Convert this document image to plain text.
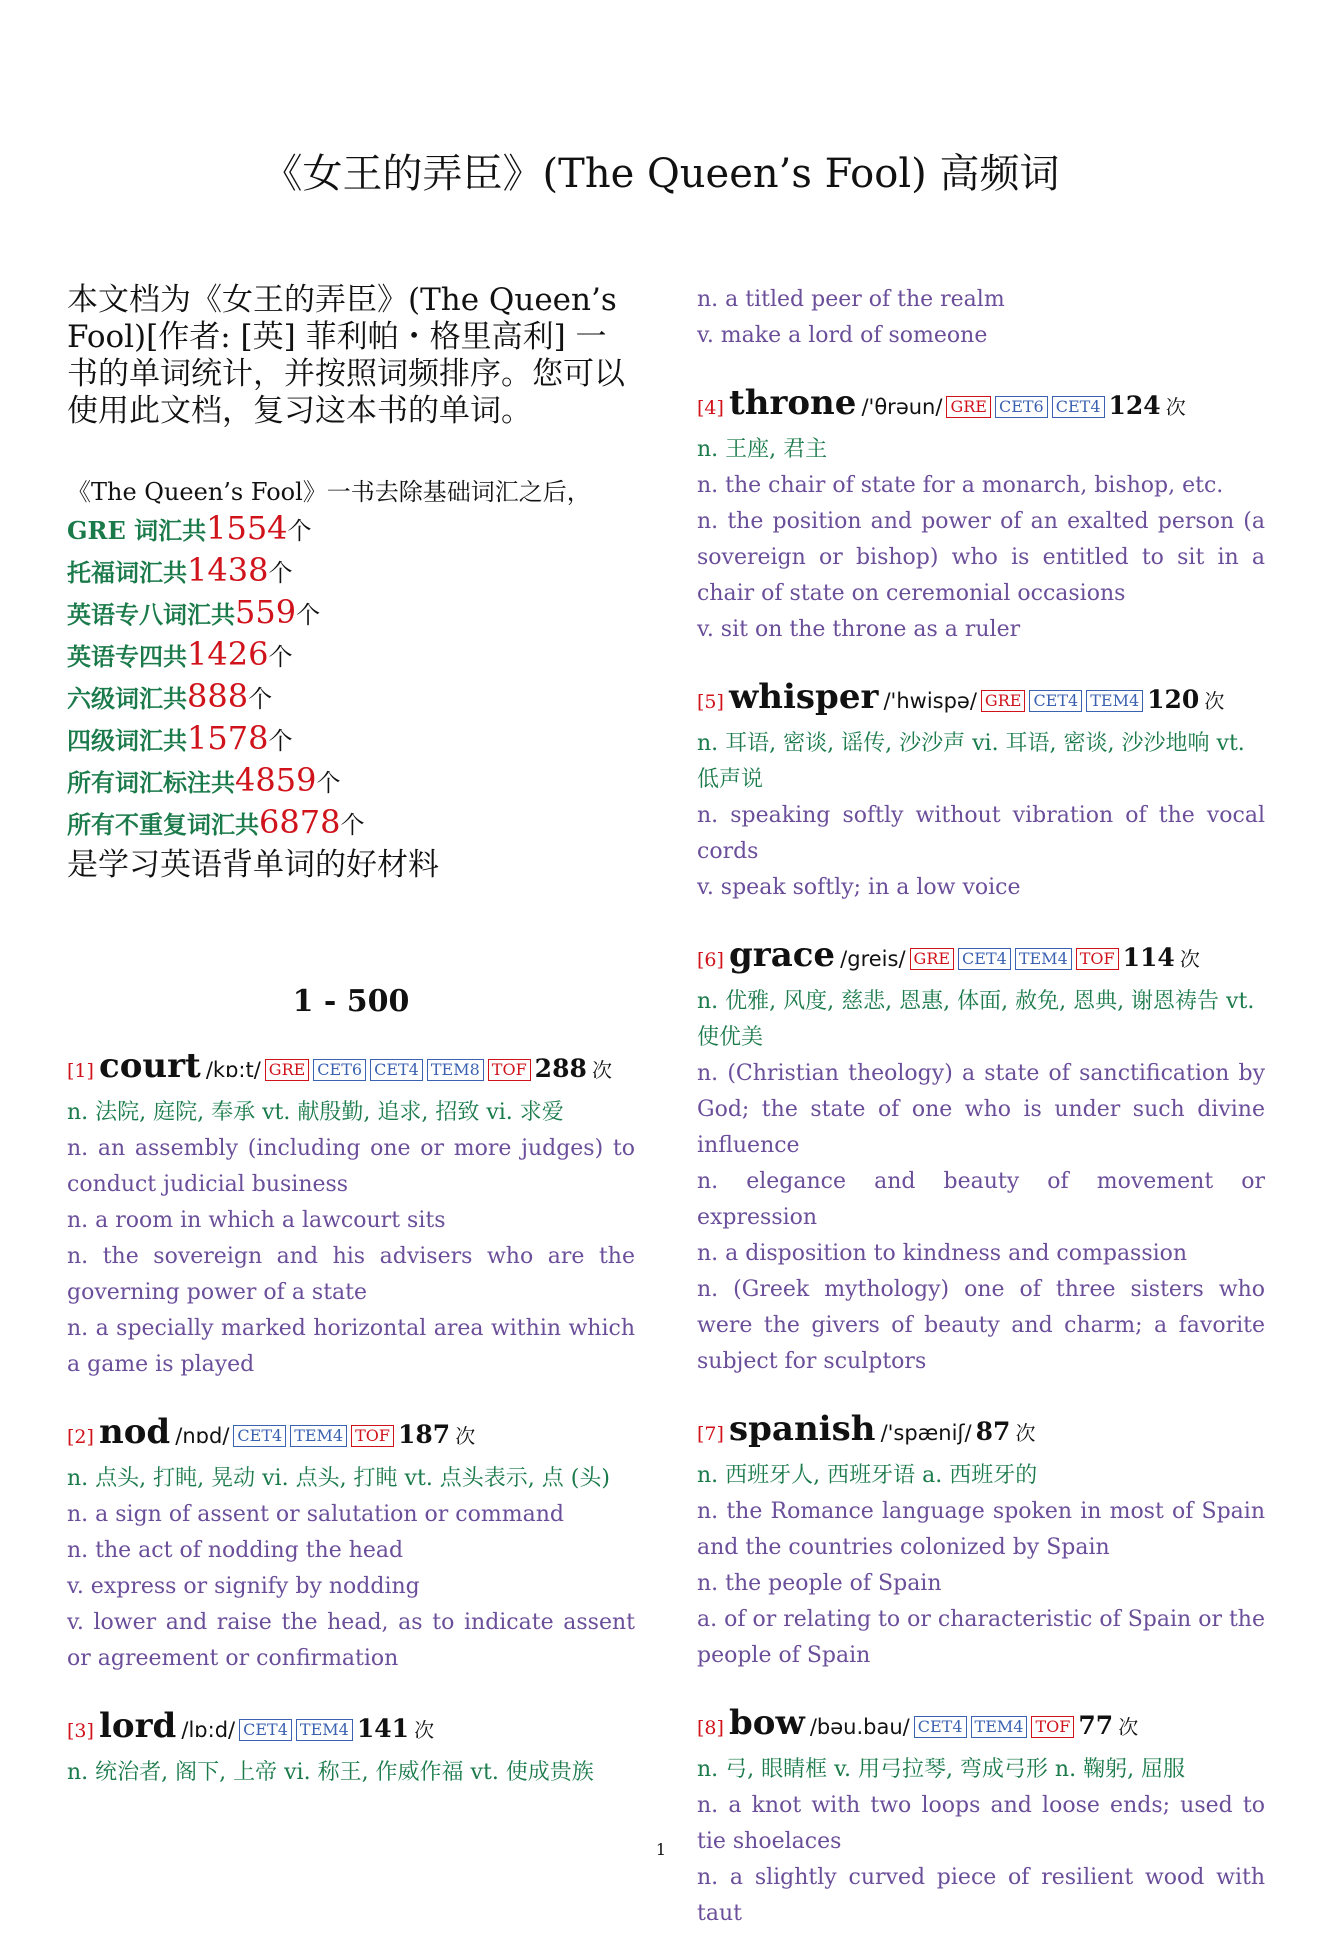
《女王的弄臣》(The Queen’s Fool) 高频词
本文档为《女王的弄臣》(The Queen’s Fool)[作者: [英] 菲利帕・格里高利] 一书的单词统计，并按照词频排序。您可以使用此文档，复习这本书的单词。
《The Queen’s Fool》一书去除基础词汇之后，
GRE 词汇共1554个
托福词汇共1438个
英语专八词汇共559个
英语专四共1426个
六级词汇共888个
四级词汇共1578个
所有词汇标注共4859个
所有不重复词汇共6878个
是学习英语背单词的好材料
1 - 500
[1] court /kɒ:t/ GRE CET6 CET4 TEM8 TOF 288 次

n. 法院, 庭院, 奉承 vt. 献殷勤, 追求, 招致 vi. 求爱

n. an assembly (including one or more judges) to conduct judicial business

n. a room in which a lawcourt sits

n. the sovereign and his advisers who are the governing power of a state

n. a specially marked horizontal area within which a game is played

[2] nod /nɒd/ CET4 TEM4 TOF 187 次

n. 点头, 打盹, 晃动 vi. 点头, 打盹 vt. 点头表示, 点 (头)

n. a sign of assent or salutation or command

n. the act of nodding the head

v. express or signify by nodding

v. lower and raise the head, as to indicate assent or agreement or confirmation

[3] lord /lɒ:d/ CET4 TEM4 141 次

n. 统治者, 阁下, 上帝 vi. 称王, 作威作福 vt. 使成贵族

n. a titled peer of the realm

v. make a lord of someone

[4] throne /'θrəun/ GRE CET6 CET4 124 次

n. 王座, 君主

n. the chair of state for a monarch, bishop, etc.

n. the position and power of an exalted person (a sovereign or bishop) who is entitled to sit in a chair of state on ceremonial occasions

v. sit on the throne as a ruler

[5] whisper /'hwispə/ GRE CET4 TEM4 120 次

n. 耳语, 密谈, 谣传, 沙沙声 vi. 耳语, 密谈, 沙沙地响 vt. 低声说

n. speaking softly without vibration of the vocal cords

v. speak softly; in a low voice

[6] grace /greis/ GRE CET4 TEM4 TOF 114 次

n. 优雅, 风度, 慈悲, 恩惠, 体面, 赦免, 恩典, 谢恩祷告 vt. 使优美

n. (Christian theology) a state of sanctification by God; the state of one who is under such divine influence

n. elegance and beauty of movement or expression

n. a disposition to kindness and compassion

n. (Greek mythology) one of three sisters who were the givers of beauty and charm; a favorite subject for sculptors

[7] spanish /'spæniʃ/ 87 次

n. 西班牙人, 西班牙语 a. 西班牙的

n. the Romance language spoken in most of Spain and the countries colonized by Spain

n. the people of Spain

a. of or relating to or characteristic of Spain or the people of Spain

[8] bow /bəu.bau/ CET4 TEM4 TOF 77 次

n. 弓, 眼睛框 v. 用弓拉琴, 弯成弓形 n. 鞠躬, 屈服

n. a knot with two loops and loose ends; used to tie shoelaces

n. a slightly curved piece of resilient wood with taut

1
